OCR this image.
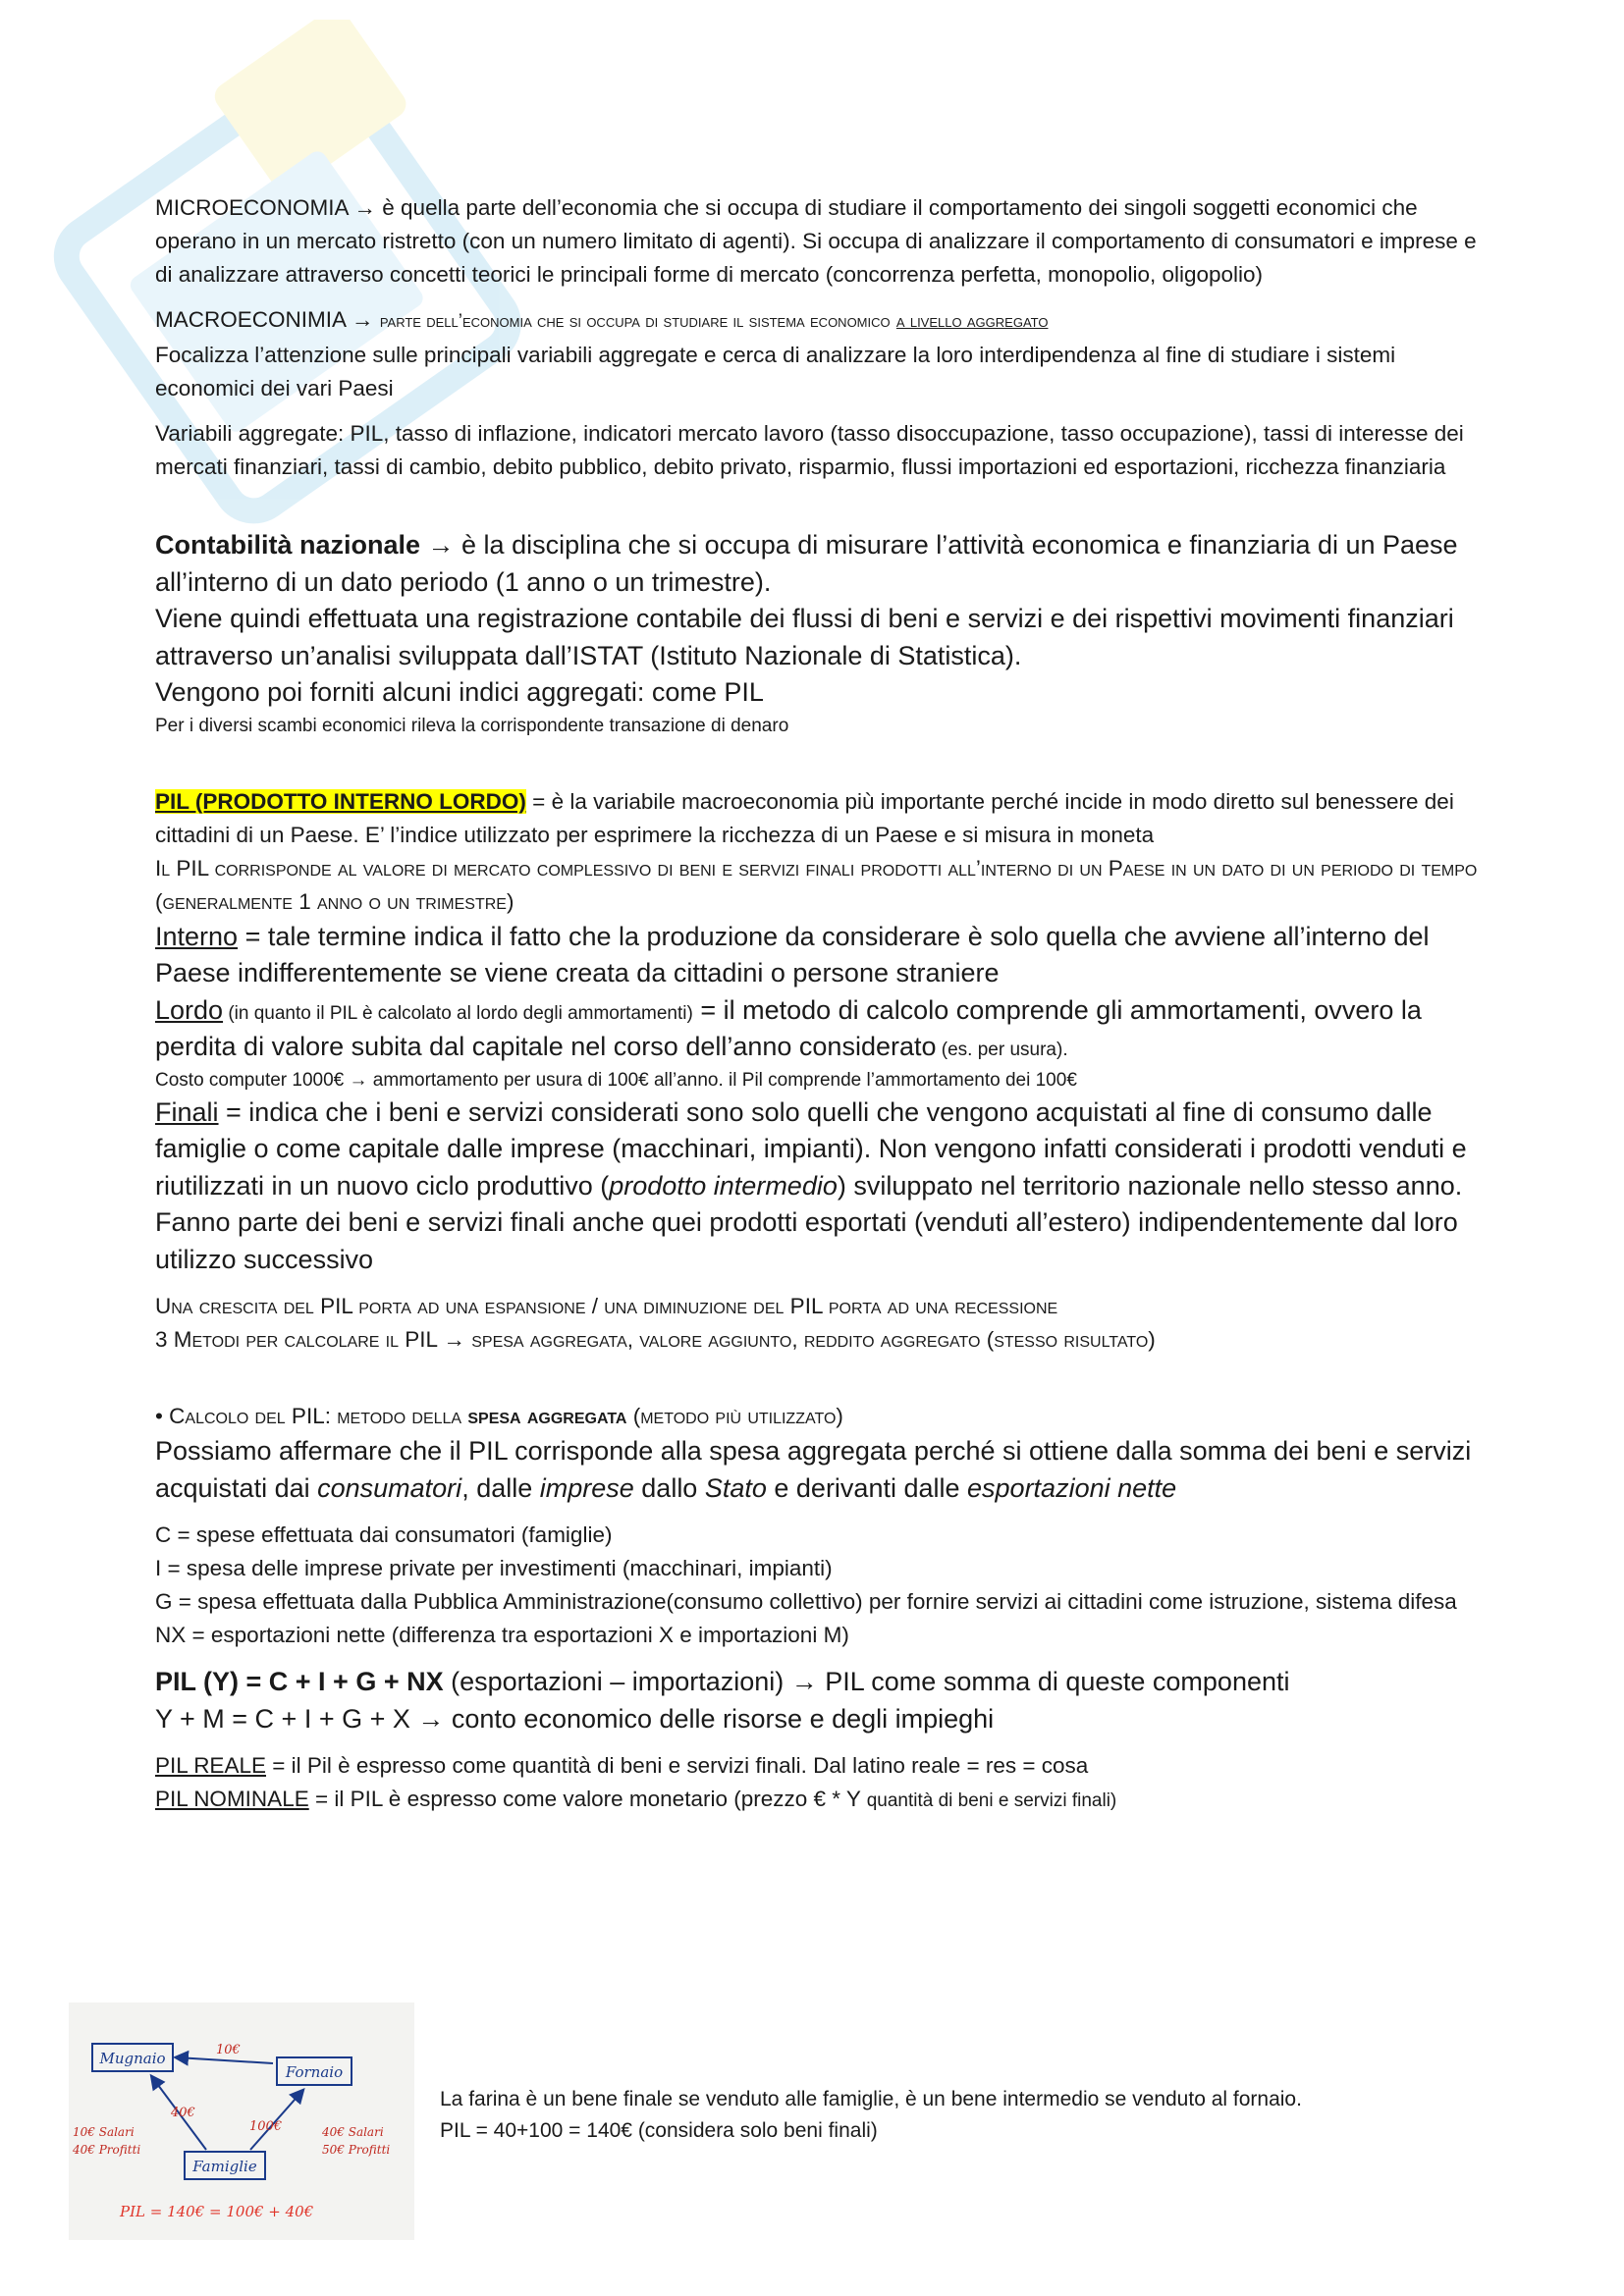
MICROECONOMIA → è quella parte dell’economia che si occupa di studiare il comportamento dei singoli soggetti economici che operano in un mercato ristretto (con un numero limitato di agenti). Si occupa di analizzare il comportamento di consumatori e imprese e di analizzare attraverso concetti teorici le principali forme di mercato (concorrenza perfetta, monopolio, oligopolio)

MACROECONIMIA → parte dell’economia che si occupa di studiare il sistema economico a livello aggregato

Focalizza l’attenzione sulle principali variabili aggregate e cerca di analizzare la loro interdipendenza al fine di studiare i sistemi economici dei vari Paesi

Variabili aggregate: PIL, tasso di inflazione, indicatori mercato lavoro (tasso disoccupazione, tasso occupazione), tassi di interesse dei mercati finanziari, tassi di cambio, debito pubblico, debito privato, risparmio, flussi importazioni ed esportazioni, ricchezza finanziaria

Contabilità nazionale → è la disciplina che si occupa di misurare l’attività economica e finanziaria di un Paese all’interno di un dato periodo (1 anno o un trimestre).

Viene quindi effettuata una registrazione contabile dei flussi di beni e servizi e dei rispettivi movimenti finanziari attraverso un’analisi sviluppata dall’ISTAT (Istituto Nazionale di Statistica).

Vengono poi forniti alcuni indici aggregati: come PIL

Per i diversi scambi economici rileva la corrispondente transazione di denaro

PIL (PRODOTTO INTERNO LORDO) = è la variabile macroeconomia più importante perché incide in modo diretto sul benessere dei cittadini di un Paese. E’ l’indice utilizzato per esprimere la ricchezza di un Paese e si misura in moneta

Il PIL corrisponde al valore di mercato complessivo di beni e servizi finali prodotti all’interno di un Paese in un dato di un periodo di tempo (generalmente 1 anno o un trimestre)

Interno = tale termine indica il fatto che la produzione da considerare è solo quella che avviene all’interno del Paese indifferentemente se viene creata da cittadini o persone straniere

Lordo (in quanto il PIL è calcolato al lordo degli ammortamenti) = il metodo di calcolo comprende gli ammortamenti, ovvero la perdita di valore subita dal capitale nel corso dell’anno considerato (es. per usura).

Costo computer 1000€ → ammortamento per usura di 100€ all’anno. il Pil comprende l’ammortamento dei 100€

Finali = indica che i beni e servizi considerati sono solo quelli che vengono acquistati al fine di consumo dalle famiglie o come capitale dalle imprese (macchinari, impianti). Non vengono infatti considerati i prodotti venduti e riutilizzati in un nuovo ciclo produttivo (prodotto intermedio) sviluppato nel territorio nazionale nello stesso anno.

Fanno parte dei beni e servizi finali anche quei prodotti esportati (venduti all’estero) indipendentemente dal loro utilizzo successivo

Una crescita del PIL porta ad una espansione / una diminuzione del PIL porta ad una recessione

3 Metodi per calcolare il PIL → spesa aggregata, valore aggiunto, reddito aggregato (stesso risultato)

• Calcolo del PIL: metodo della spesa aggregata (metodo più utilizzato)

Possiamo affermare che il PIL corrisponde alla spesa aggregata perché si ottiene dalla somma dei beni e servizi acquistati dai consumatori, dalle imprese dallo Stato e derivanti dalle esportazioni nette

C = spese effettuata dai consumatori (famiglie)

I = spesa delle imprese private per investimenti (macchinari, impianti)

G = spesa effettuata dalla Pubblica Amministrazione(consumo collettivo) per fornire servizi ai cittadini come istruzione, sistema difesa

NX = esportazioni nette (differenza tra esportazioni X e importazioni M)

PIL (Y) = C + I + G + NX (esportazioni – importazioni) → PIL come somma di queste componenti

Y + M = C + I + G + X → conto economico delle risorse e degli impieghi

PIL REALE = il Pil è espresso come quantità di beni e servizi finali. Dal latino reale = res = cosa

PIL NOMINALE = il PIL è espresso come valore monetario (prezzo € * Y quantità di beni e servizi finali)

Mugnaio
Fornaio
Famiglie
10€
40€
100€
10€ Salari
40€ Profitti
40€ Salari
50€ Profitti
PIL = 140€ = 100€ + 40€

La farina è un bene finale se venduto alle famiglie, è un bene intermedio se venduto al fornaio.

PIL = 40+100 = 140€ (considera solo beni finali)
